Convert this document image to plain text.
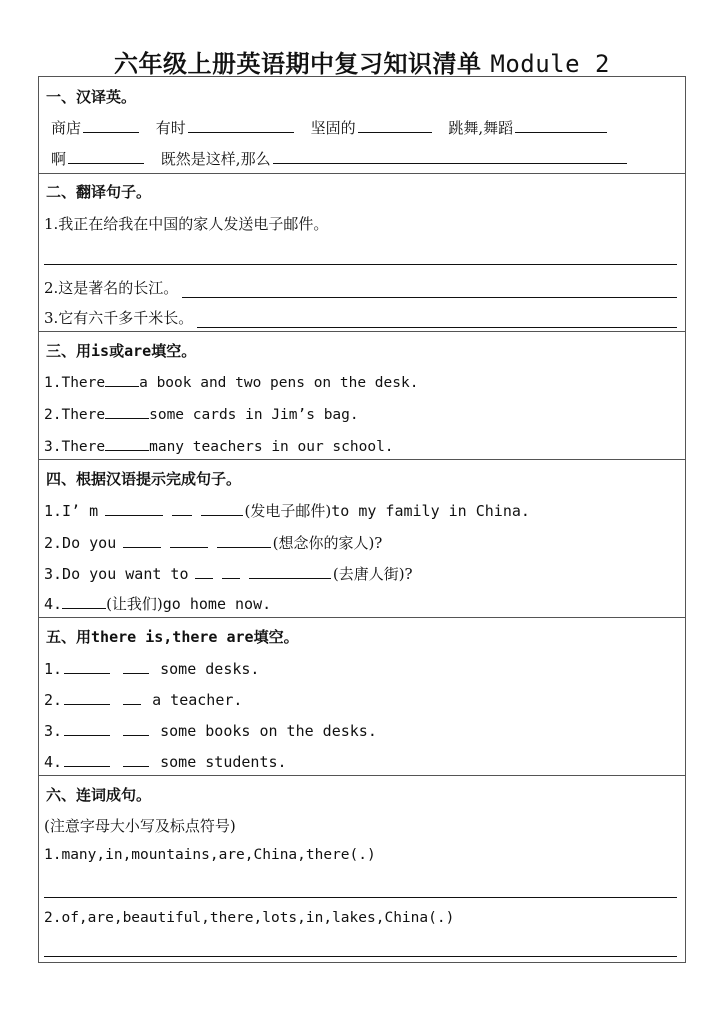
六年级上册英语期中复习知识清单 Module 2
一、汉译英。
商店	有时	坚固的	跳舞,舞蹈
啊	既然是这样,那么
二、翻译句子。
1.我正在给我在中国的家人发送电子邮件。
2.这是著名的长江。
3.它有六千多千米长。
三、用is或are填空。
1.There a book and two pens on the desk.
2.There	some cards in Jim’s bag.
3.There	many teachers in our school.
四、根据汉语提示完成句子。
1.I’ m	(发电子邮件)to my family in China.
2.Do you	(想念你的家人)?
3.Do you want to	(去唐人街)?
4.	(让我们)go home now.
五、用there is,there are填空。
1.	some desks.
2.	a teacher.
3.	some books on the desks.
4.	some students.
六、连词成句。
(注意字母大小写及标点符号)
1.many,in,mountains,are,China,there(.)
2.of,are,beautiful,there,lots,in,lakes,China(.)
